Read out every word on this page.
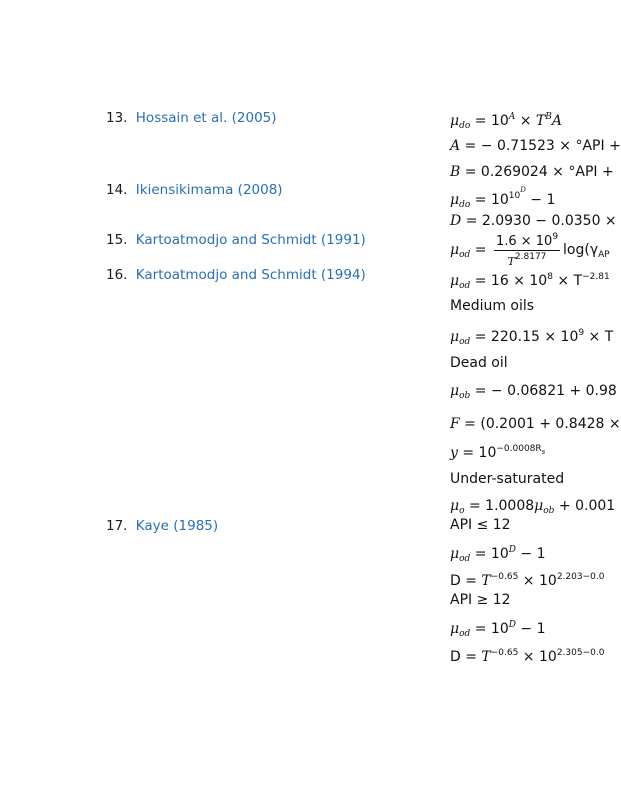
13. Hossain et al. (2005)
14. Ikiensikimama (2008)
15. Kartoatmodjo and Schmidt (1991)
16. Kartoatmodjo and Schmidt (1994)
17. Kaye (1985)
$\mu_{do} = 10^A \times T^BA$
A = − 0.71523 × °API +
B = 0.269024 × °API +
$\mu_{do} = 10^{10^D} - 1$
D = 2.0930 − 0.0350 ×
$\mu_{od} = \frac{1.6 \times 10^9}{T^{2.8177}} \log(\gamma_{AP}$
$\mu_{od} = 16 \times 10^8 \times T^{-2.81}$
Medium oils
$\mu_{od} = 220.15 \times 10^9 \times T$
Dead oil
$\mu_{ob}$ = − 0.06821 + 0.98
F = (0.2001 + 0.8428 ×
$y = 10^{-0.0008R_s}$
Under-saturated
$\mu_o = 1.0008\mu_{ob} + 0.001$
API ≤ 12
$\mu_{od} = 10^D - 1$
$D = T^{-0.65} \times 10^{2.203-0.0}$
API ≥ 12
$\mu_{od} = 10^D - 1$
$D = T^{-0.65} \times 10^{2.305-0.0}$
